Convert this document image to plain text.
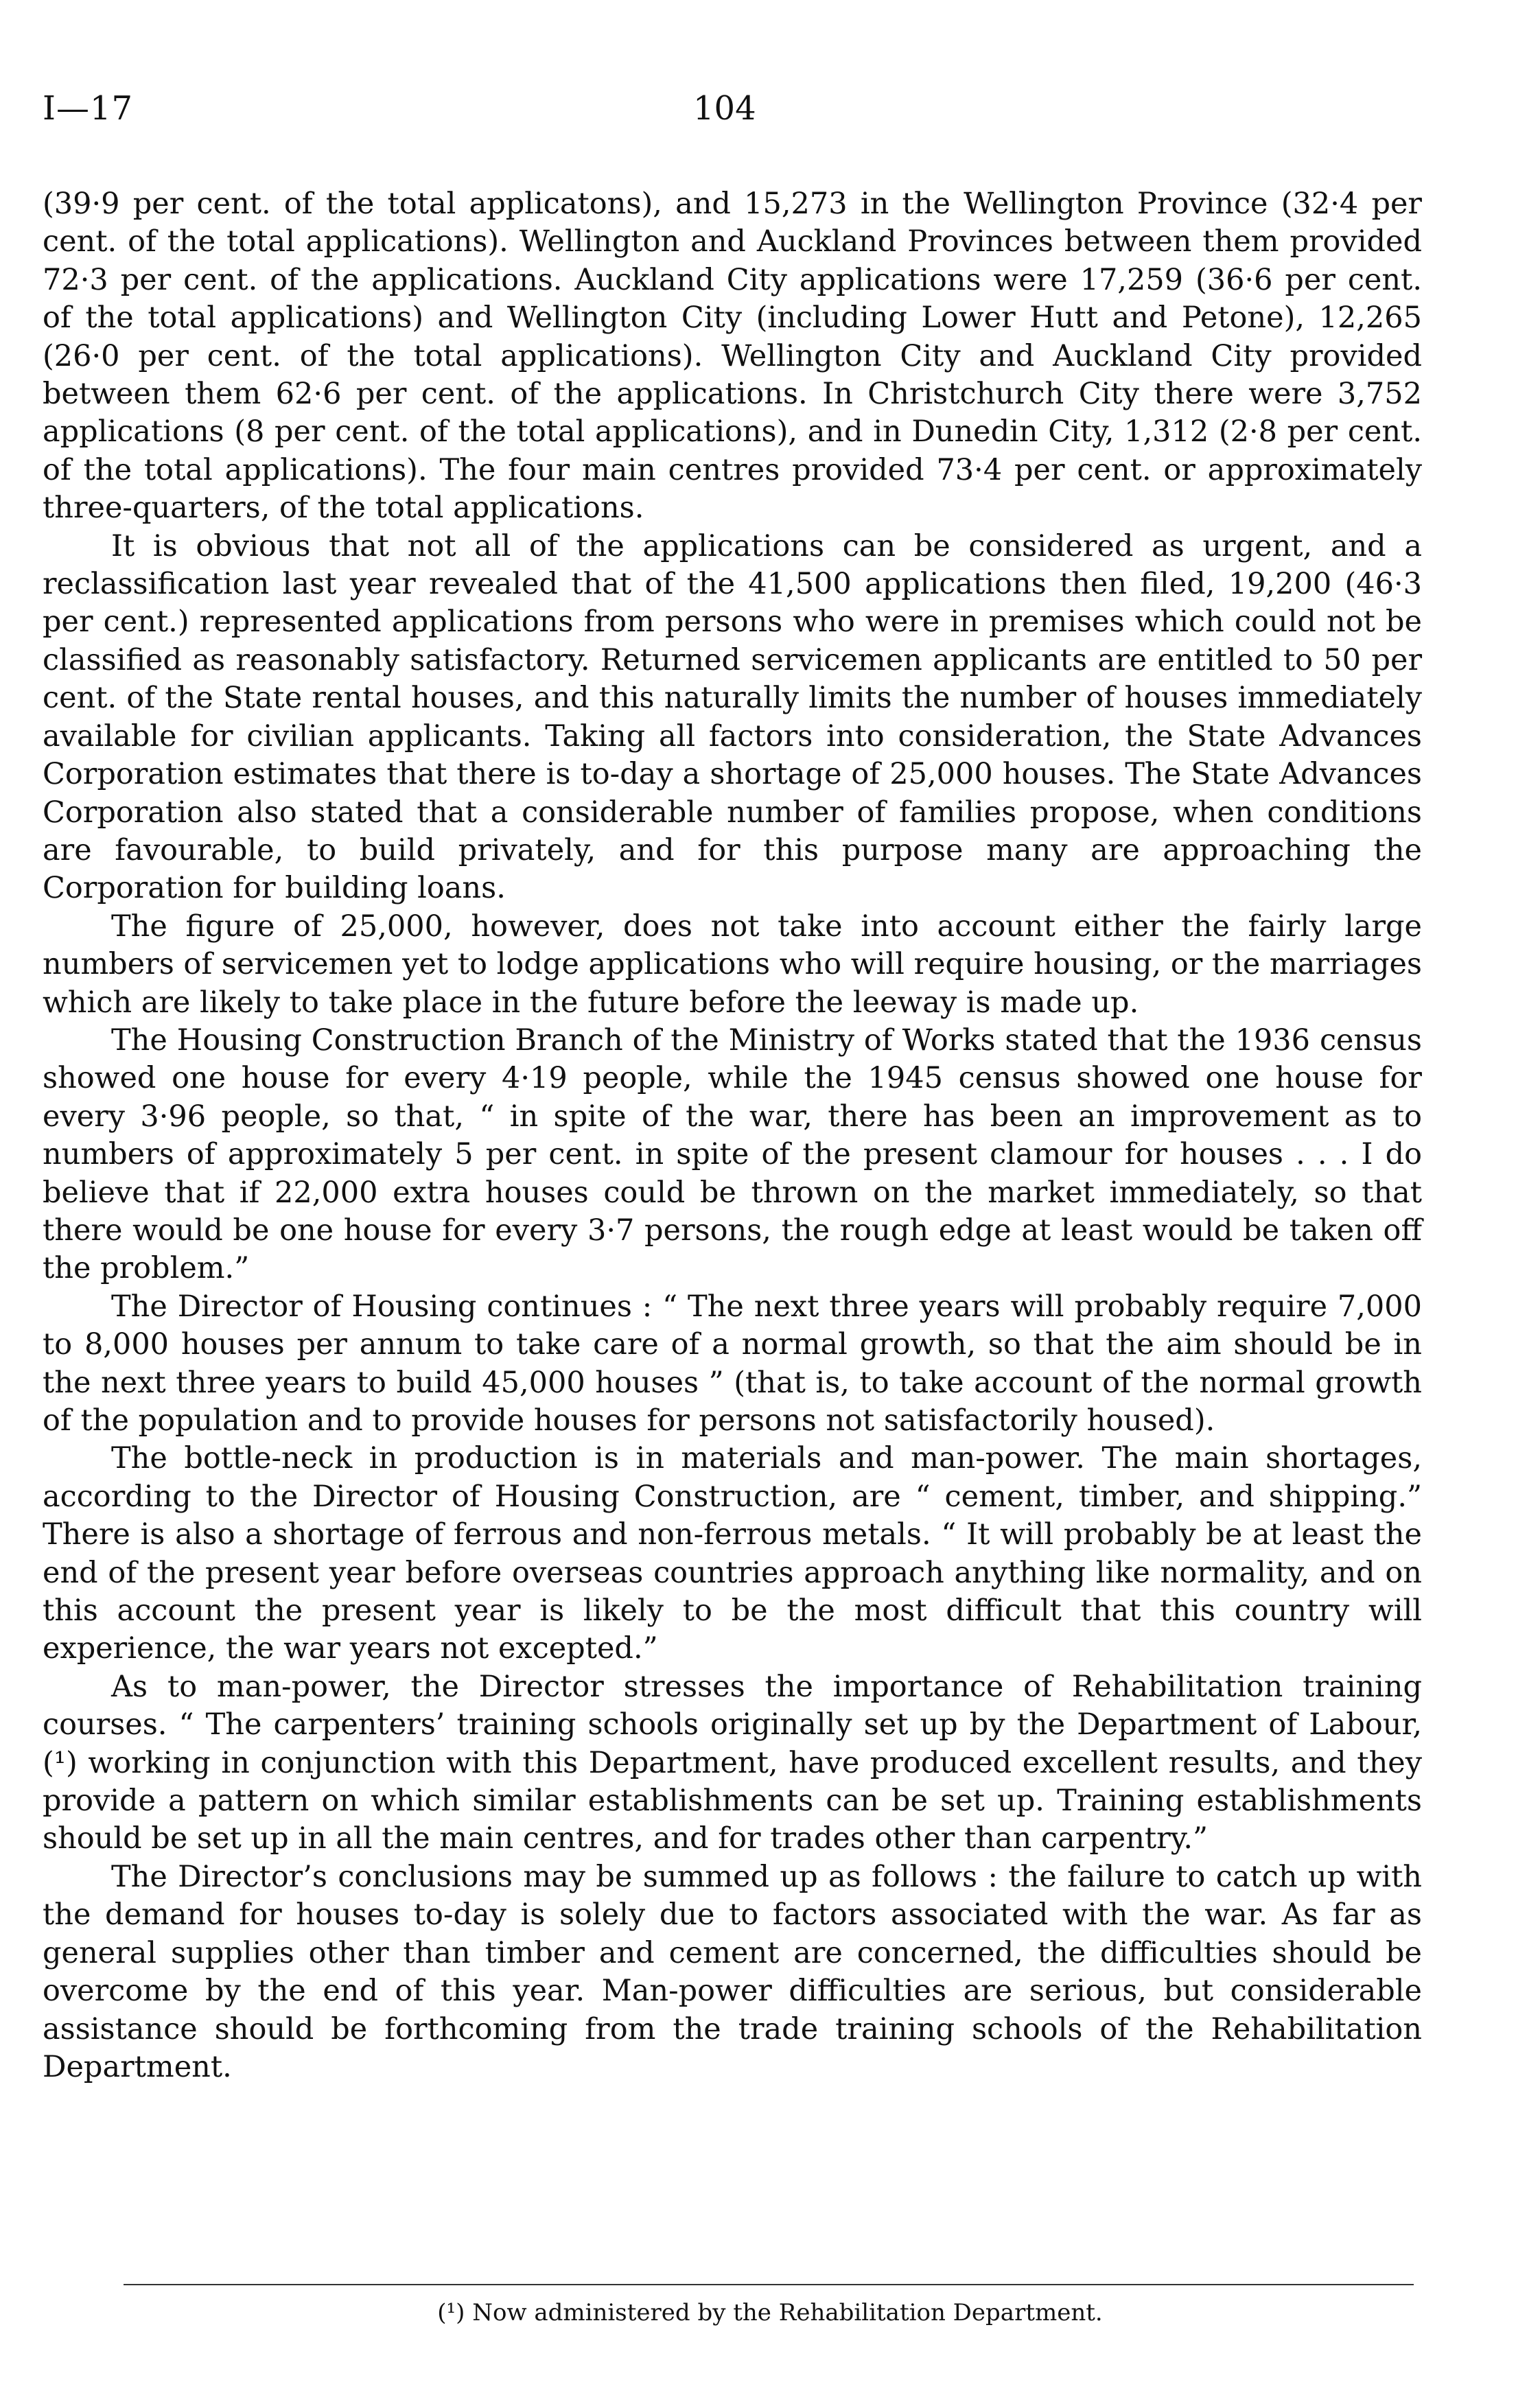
I—17	104

(39·9 per cent. of the total applicatons), and 15,273 in the Wellington Province (32·4 per cent. of the total applications). Wellington and Auckland Provinces between them provided 72·3 per cent. of the applications. Auckland City applications were 17,259 (36·6 per cent. of the total applications) and Wellington City (including Lower Hutt and Petone), 12,265 (26·0 per cent. of the total applications). Wellington City and Auckland City provided between them 62·6 per cent. of the applications. In Christchurch City there were 3,752 applications (8 per cent. of the total applications), and in Dunedin City, 1,312 (2·8 per cent. of the total applications). The four main centres provided 73·4 per cent. or approximately three-quarters, of the total applications.

It is obvious that not all of the applications can be considered as urgent, and a reclassification last year revealed that of the 41,500 applications then filed, 19,200 (46·3 per cent.) represented applications from persons who were in premises which could not be classified as reasonably satisfactory. Returned servicemen applicants are entitled to 50 per cent. of the State rental houses, and this naturally limits the number of houses immediately available for civilian applicants. Taking all factors into consideration, the State Advances Corporation estimates that there is to-day a shortage of 25,000 houses. The State Advances Corporation also stated that a considerable number of families propose, when conditions are favourable, to build privately, and for this purpose many are approaching the Corporation for building loans.

The figure of 25,000, however, does not take into account either the fairly large numbers of servicemen yet to lodge applications who will require housing, or the marriages which are likely to take place in the future before the leeway is made up.

The Housing Construction Branch of the Ministry of Works stated that the 1936 census showed one house for every 4·19 people, while the 1945 census showed one house for every 3·96 people, so that, “ in spite of the war, there has been an improvement as to numbers of approximately 5 per cent. in spite of the present clamour for houses . . . I do believe that if 22,000 extra houses could be thrown on the market immediately, so that there would be one house for every 3·7 persons, the rough edge at least would be taken off the problem.”

The Director of Housing continues : “ The next three years will probably require 7,000 to 8,000 houses per annum to take care of a normal growth, so that the aim should be in the next three years to build 45,000 houses ” (that is, to take account of the normal growth of the population and to provide houses for persons not satisfactorily housed).

The bottle-neck in production is in materials and man-power. The main shortages, according to the Director of Housing Construction, are “ cement, timber, and shipping.” There is also a shortage of ferrous and non-ferrous metals. “ It will probably be at least the end of the present year before overseas countries approach anything like normality, and on this account the present year is likely to be the most difficult that this country will experience, the war years not excepted.”

As to man-power, the Director stresses the importance of Rehabilitation training courses. “ The carpenters’ training schools originally set up by the Department of Labour,(¹) working in conjunction with this Department, have produced excellent results, and they provide a pattern on which similar establishments can be set up. Training establishments should be set up in all the main centres, and for trades other than carpentry.”

The Director’s conclusions may be summed up as follows : the failure to catch up with the demand for houses to-day is solely due to factors associated with the war. As far as general supplies other than timber and cement are concerned, the difficulties should be overcome by the end of this year. Man-power difficulties are serious, but considerable assistance should be forthcoming from the trade training schools of the Rehabilitation Department.

(¹) Now administered by the Rehabilitation Department.
